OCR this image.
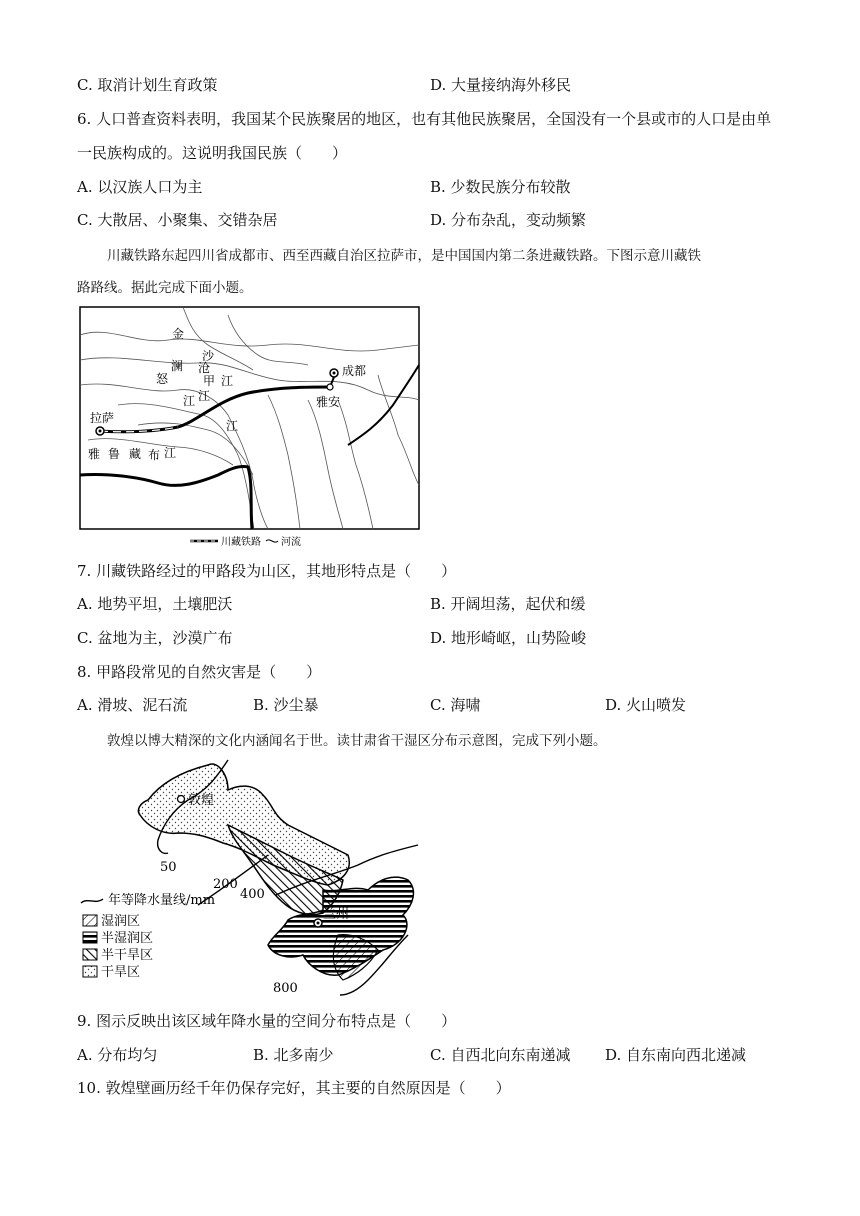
C. 取消计划生育政策	D. 大量接纳海外移民
6. 人口普查资料表明，我国某个民族聚居的地区，也有其他民族聚居，全国没有一个县或市的人口是由单
一民族构成的。这说明我国民族（　　）
A. 以汉族人口为主	B. 少数民族分布较散
C. 大散居、小聚集、交错杂居	D. 分布杂乱，变动频繁
川藏铁路东起四川省成都市、西至西藏自治区拉萨市，是中国国内第二条进藏铁路。下图示意川藏铁
路路线。据此完成下面小题。
金
沙
江
澜 沧
江
怒
江
甲
江
雅 鲁 藏 布 江
拉萨
成都
雅安
川藏铁路 河流
7. 川藏铁路经过的甲路段为山区，其地形特点是（　　）
A. 地势平坦，土壤肥沃	B. 开阔坦荡，起伏和缓
C. 盆地为主，沙漠广布	D. 地形崎岖，山势险峻
8. 甲路段常见的自然灾害是（　　）
A. 滑坡、泥石流	B. 沙尘暴	C. 海啸	D. 火山喷发
敦煌以博大精深的文化内涵闻名于世。读甘肃省干湿区分布示意图，完成下列小题。
兰州
敦煌
50
200
400
800
年等降水量线/mm
湿润区
半湿润区
半干旱区
干旱区
9. 图示反映出该区域年降水量的空间分布特点是（　　）
A. 分布均匀	B. 北多南少	C. 自西北向东南递减 D. 自东南向西北递减
10. 敦煌壁画历经千年仍保存完好，其主要的自然原因是（　　）
